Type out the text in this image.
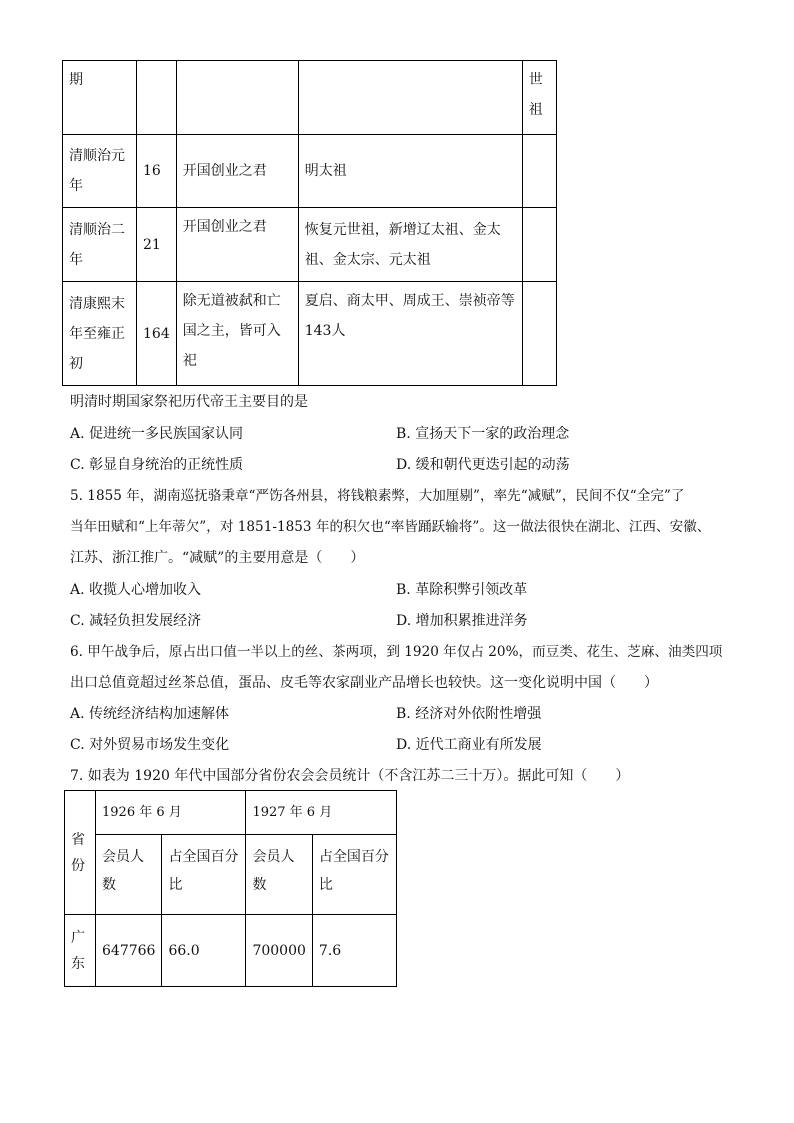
期				世祖
清顺治元年	16	开国创业之君	明太祖	
清顺治二年	21	开国创业之君	恢复元世祖，新增辽太祖、金太祖、金太宗、元太祖	
清康熙末年至雍正初	164	除无道被弑和亡国之主，皆可入祀	夏启、商太甲、周成王、崇祯帝等143人	
明清时期国家祭祀历代帝王主要目的是
A. 促进统一多民族国家认同	B. 宣扬天下一家的政治理念
C. 彰显自身统治的正统性质	D. 缓和朝代更迭引起的动荡
5. 1855 年，湖南巡抚骆秉章“严饬各州县，将钱粮素弊，大加厘剔”，率先“减赋”，民间不仅“全完”了
当年田赋和“上年蒂欠”，对 1851-1853 年的积欠也“率皆踊跃输将”。这一做法很快在湖北、江西、安徽、
江苏、浙江推广。“减赋”的主要用意是（　　）
A. 收揽人心增加收入	B. 革除积弊引领改革
C. 减轻负担发展经济	D. 增加积累推进洋务
6. 甲午战争后，原占出口值一半以上的丝、茶两项，到 1920 年仅占 20%，而豆类、花生、芝麻、油类四项
出口总值竟超过丝茶总值，蛋品、皮毛等农家副业产品增长也较快。这一变化说明中国（　　）
A. 传统经济结构加速解体	B. 经济对外依附性增强
C. 对外贸易市场发生变化	D. 近代工商业有所发展
7. 如表为 1920 年代中国部分省份农会会员统计（不含江苏二三十万）。据此可知（　　）
省份	1926 年 6 月		1927 年 6 月	
	会员人数	占全国百分比	会员人数	占全国百分比
广东	647766	66.0	700000	7.6
